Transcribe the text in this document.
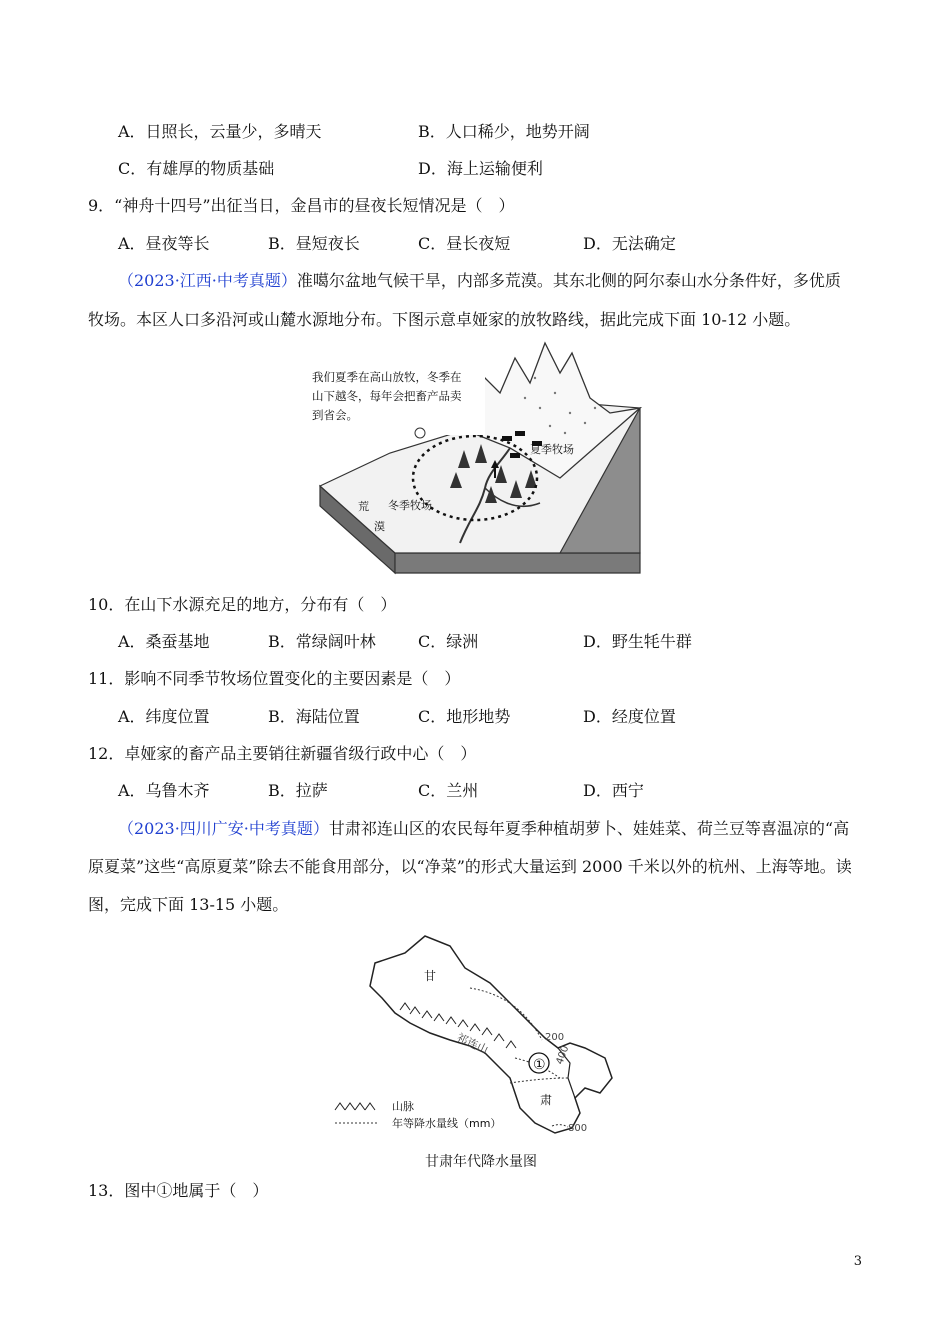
A．日照长，云量少，多晴天	B．人口稀少，地势开阔
C．有雄厚的物质基础	D．海上运输便利
9．“神舟十四号”出征当日，金昌市的昼夜长短情况是（　）
A．昼夜等长	B．昼短夜长	C．昼长夜短	D．无法确定
（2023·江西·中考真题）准噶尔盆地气候干旱，内部多荒漠。其东北侧的阿尔泰山水分条件好，多优质
牧场。本区人口多沿河或山麓水源地分布。下图示意卓娅家的放牧路线，据此完成下面 10-12 小题。
我们夏季在高山放牧，冬季在
山下越冬，每年会把畜产品卖
到省会。
夏季牧场
冬季牧场
荒
漠
10．在山下水源充足的地方，分布有（　）
A．桑蚕基地	B．常绿阔叶林	C．绿洲	D．野生牦牛群
11．影响不同季节牧场位置变化的主要因素是（　）
A．纬度位置	B．海陆位置	C．地形地势	D．经度位置
12．卓娅家的畜产品主要销往新疆省级行政中心（　）
A．乌鲁木齐	B．拉萨	C．兰州	D．西宁
（2023·四川广安·中考真题）甘肃祁连山区的农民每年夏季种植胡萝卜、娃娃菜、荷兰豆等喜温凉的“高
原夏菜”这些“高原夏菜”除去不能食用部分，以“净菜”的形式大量运到 2000 千米以外的杭州、上海等地。读
图，完成下面 13-15 小题。
甘
肃
祁连山
①
200
400
800
山脉
年等降水量线（mm）
甘肃年代降水量图
13．图中①地属于（　）
3
